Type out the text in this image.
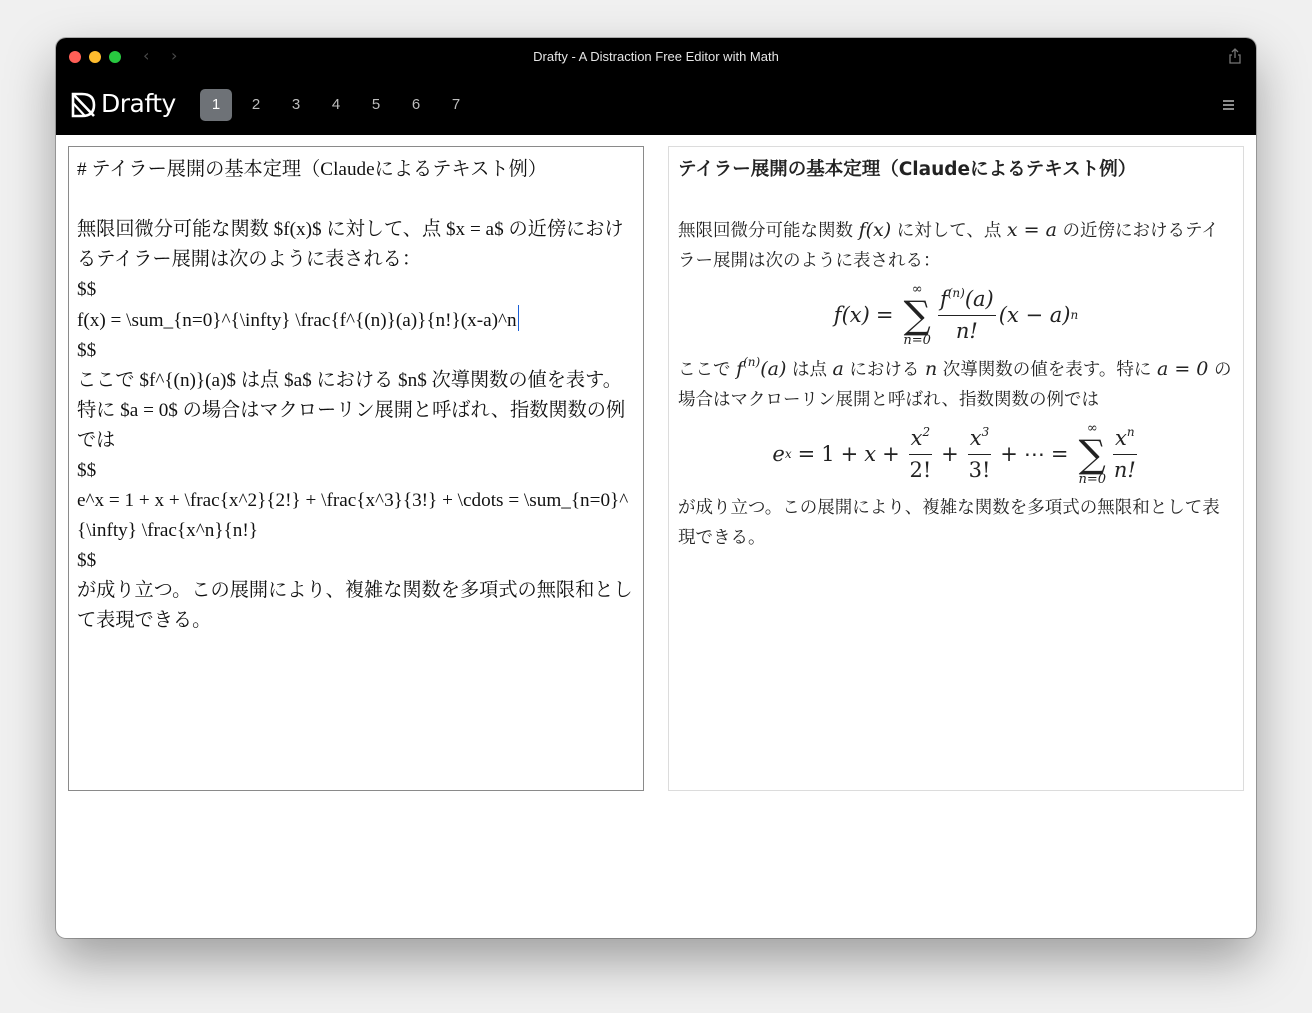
‹ ›	Drafty - A Distraction Free Editor with Math
Drafty	1	2	3	4	5	6	7
# テイラー展開の基本定理（Claudeによるテキスト例）
無限回微分可能な関数 $f(x)$ に対して、点 $x = a$ の近傍におけるテイラー展開は次のように表される：
$$
f(x) = \sum_{n=0}^{\infty} \frac{f^{(n)}(a)}{n!}(x-a)^n
$$
ここで $f^{(n)}(a)$ は点 $a$ における $n$ 次導関数の値を表す。特に $a = 0$ の場合はマクローリン展開と呼ばれ、指数関数の例では
$$
e^x = 1 + x + \frac{x^2}{2!} + \frac{x^3}{3!} + \cdots = \sum_{n=0}^{\infty} \frac{x^n}{n!}
$$
が成り立つ。この展開により、複雑な関数を多項式の無限和として表現できる。
テイラー展開の基本定理（Claudeによるテキスト例）

無限回微分可能な関数 f(x) に対して、点 x = a の近傍におけるテイラー展開は次のように表される：

f(x) =
∞
∑
$n=0 \frac{f^{(n)}(a)}{n!} (x - a)$ n

ここで $f^{(n)}(a)$ は点 a における n 次導関数の値を表す。特に a = 0 の場合はマクローリン展開と呼ばれ、指数関数の例では

e $x = 1 + x + \frac{x^2}{2!} + \frac{x^3}{3!}$ + ⋯ =
∞
∑
$n=0 \frac{x^n}{n!}$

が成り立つ。この展開により、複雑な関数を多項式の無限和として表現できる。
